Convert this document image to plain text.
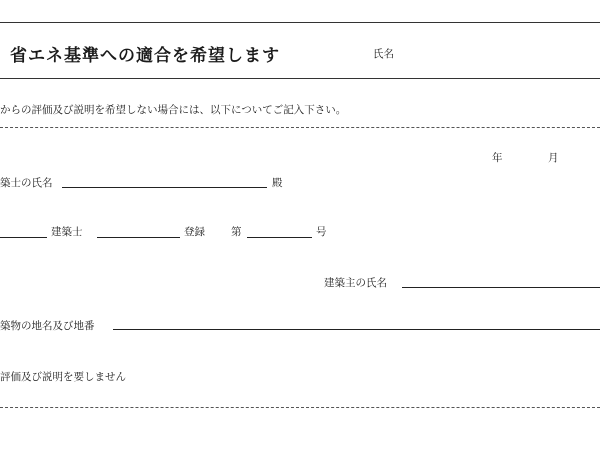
省エネ基準への適合を希望します	氏名
からの評価及び説明を希望しない場合には、以下についてご記入下さい。
年	月
築士の氏名	殿
建築士	登録 第	号
建築主の氏名
築物の地名及び地番
評価及び説明を要しません
